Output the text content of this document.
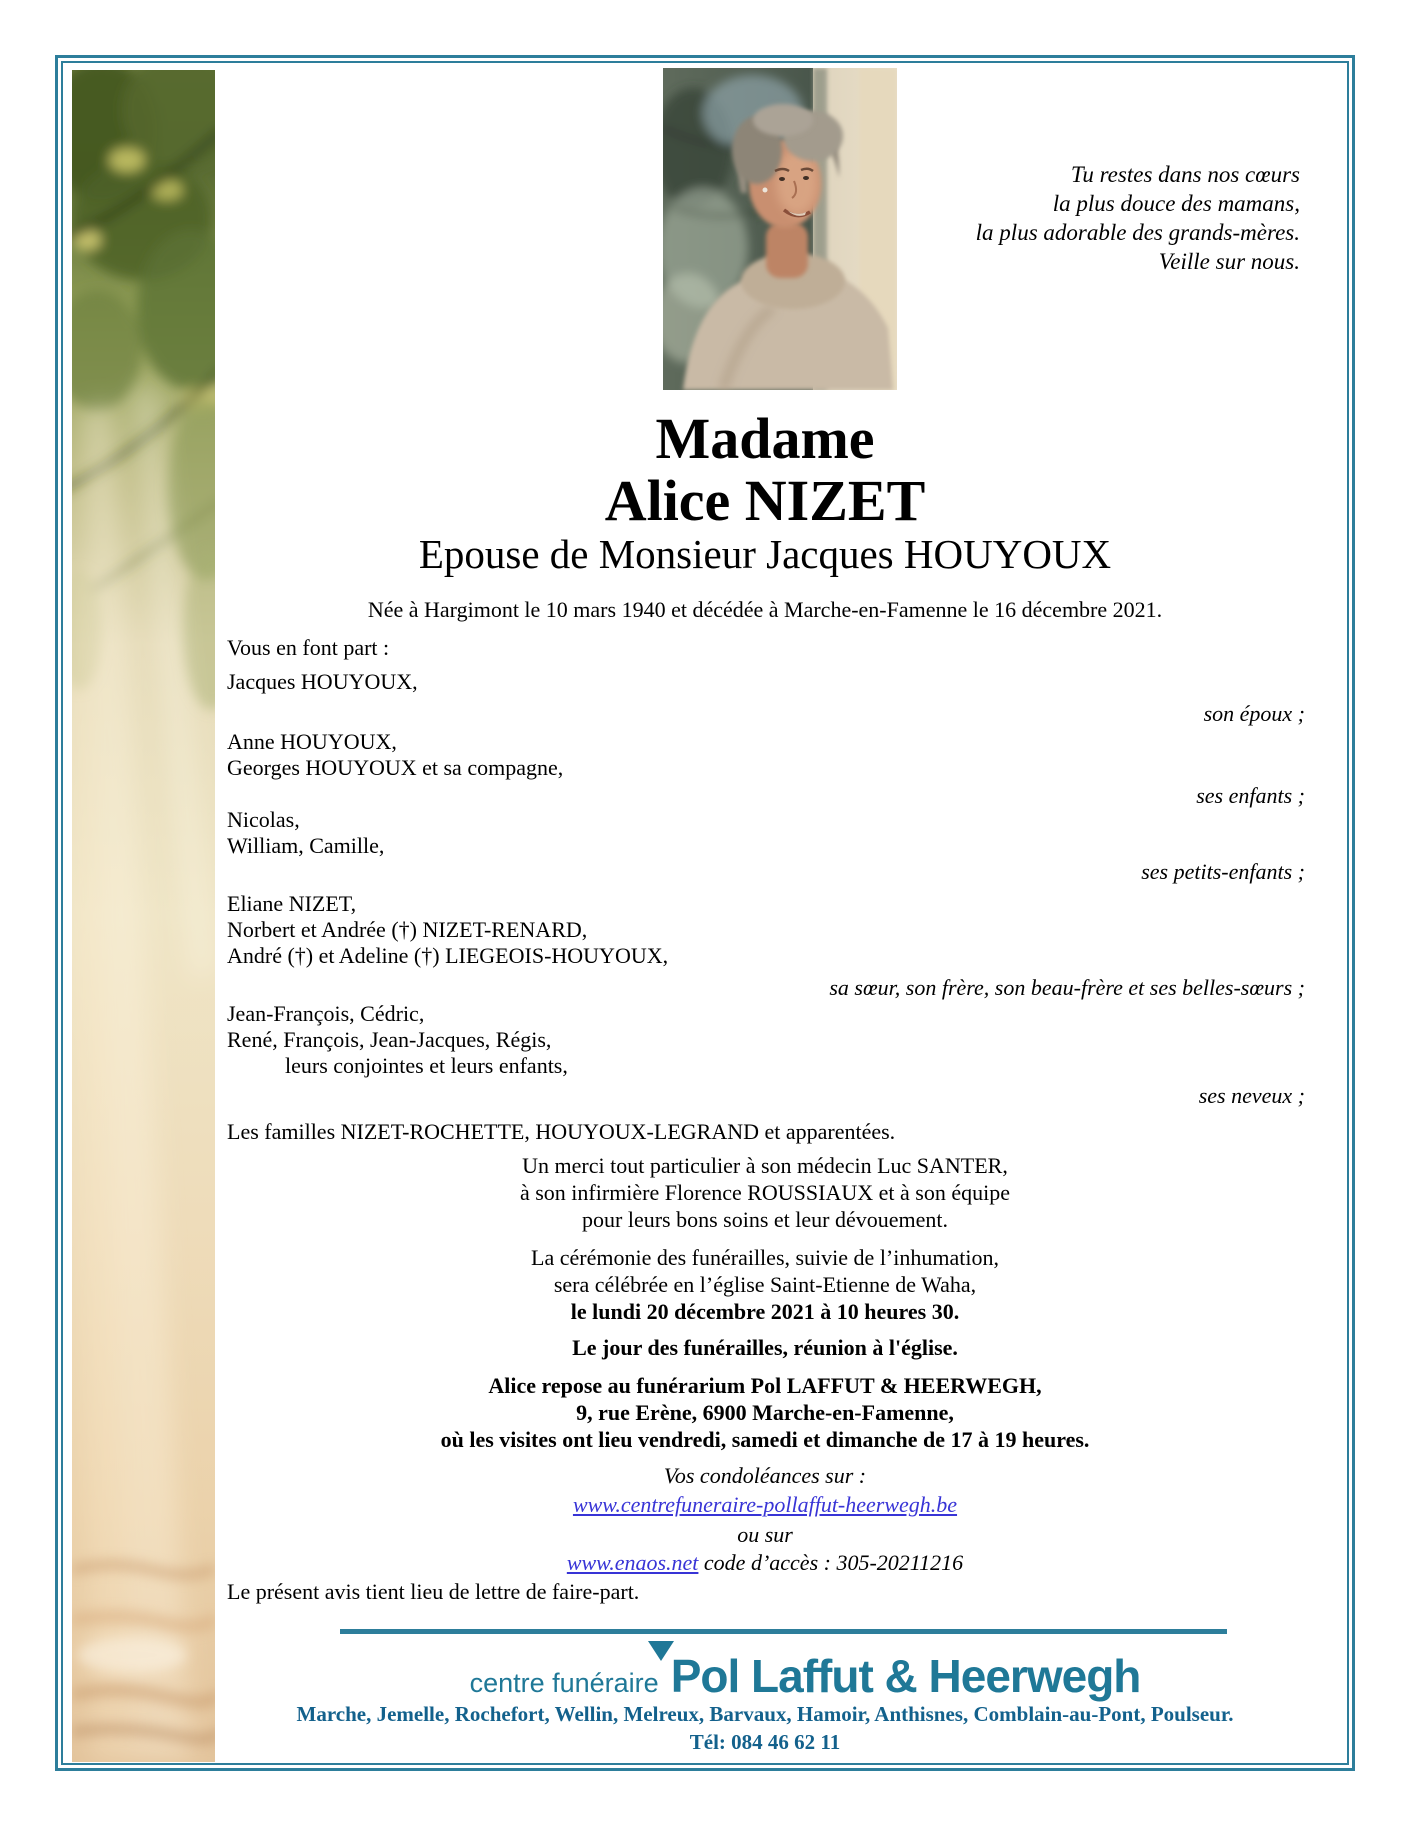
Tu restes dans nos cœurs
la plus douce des mamans,
la plus adorable des grands-mères.
Veille sur nous.
Madame
Alice NIZET
Epouse de Monsieur Jacques HOUYOUX
Née à Hargimont le 10 mars 1940 et décédée à Marche-en-Famenne le 16 décembre 2021.
Vous en font part :
Jacques HOUYOUX,
son époux ;
Anne HOUYOUX,
Georges HOUYOUX et sa compagne,
ses enfants ;
Nicolas,
William, Camille,
ses petits-enfants ;
Eliane NIZET,
Norbert et Andrée (†) NIZET-RENARD,
André (†) et Adeline (†) LIEGEOIS-HOUYOUX,
sa sœur, son frère, son beau-frère et ses belles-sœurs ;
Jean-François, Cédric,
René, François, Jean-Jacques, Régis,
leurs conjointes et leurs enfants,
ses neveux ;
Les familles NIZET-ROCHETTE, HOUYOUX-LEGRAND et apparentées.
Un merci tout particulier à son médecin Luc SANTER,
à son infirmière Florence ROUSSIAUX et à son équipe
pour leurs bons soins et leur dévouement.
La cérémonie des funérailles, suivie de l’inhumation,
sera célébrée en l’église Saint-Etienne de Waha,
le lundi 20 décembre 2021 à 10 heures 30.
Le jour des funérailles, réunion à l'église.
Alice repose au funérarium Pol LAFFUT & HEERWEGH,
9, rue Erène, 6900 Marche-en-Famenne,
où les visites ont lieu vendredi, samedi et dimanche de 17 à 19 heures.
Vos condoléances sur :
www.centrefuneraire-pollaffut-heerwegh.be
ou sur
www.enaos.net code d’accès : 305-20211216
Le présent avis tient lieu de lettre de faire-part.
centre funéraire Pol Laffut & Heerwegh
Marche, Jemelle, Rochefort, Wellin, Melreux, Barvaux, Hamoir, Anthisnes, Comblain-au-Pont, Poulseur.
Tél: 084 46 62 11
